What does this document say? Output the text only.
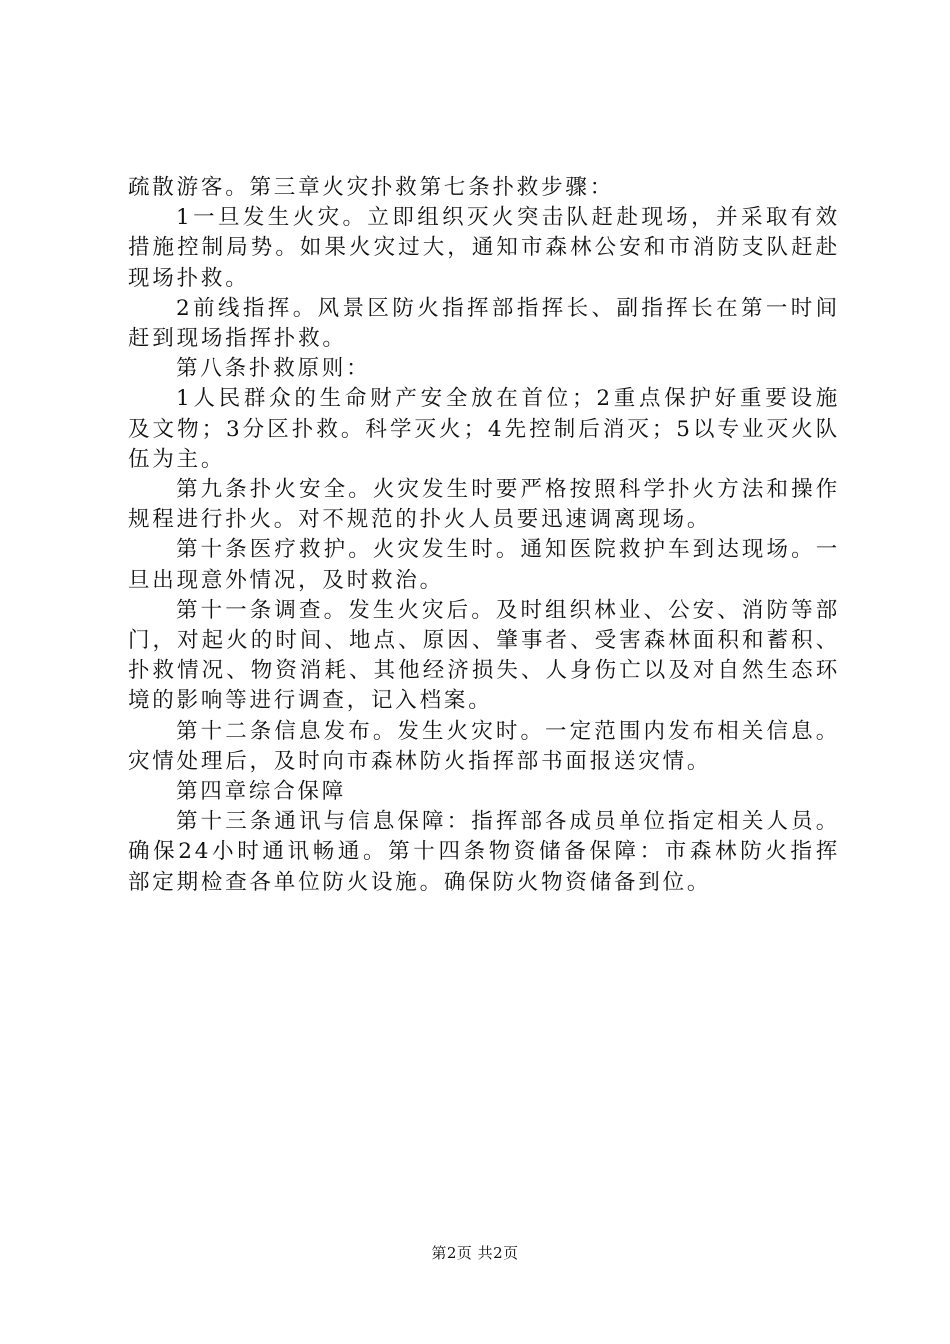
疏散游客。第三章火灾扑救第七条扑救步骤：

1一旦发生火灾。立即组织灭火突击队赶赴现场，并采取有效措施控制局势。如果火灾过大，通知市森林公安和市消防支队赶赴现场扑救。

2前线指挥。风景区防火指挥部指挥长、副指挥长在第一时间赶到现场指挥扑救。

第八条扑救原则：

1人民群众的生命财产安全放在首位；2重点保护好重要设施及文物；3分区扑救。科学灭火；4先控制后消灭；5以专业灭火队伍为主。

第九条扑火安全。火灾发生时要严格按照科学扑火方法和操作规程进行扑火。对不规范的扑火人员要迅速调离现场。

第十条医疗救护。火灾发生时。通知医院救护车到达现场。一旦出现意外情况，及时救治。

第十一条调查。发生火灾后。及时组织林业、公安、消防等部门，对起火的时间、地点、原因、肇事者、受害森林面积和蓄积、扑救情况、物资消耗、其他经济损失、人身伤亡以及对自然生态环境的影响等进行调查，记入档案。

第十二条信息发布。发生火灾时。一定范围内发布相关信息。灾情处理后，及时向市森林防火指挥部书面报送灾情。

第四章综合保障

第十三条通讯与信息保障：指挥部各成员单位指定相关人员。确保24小时通讯畅通。第十四条物资储备保障：市森林防火指挥部定期检查各单位防火设施。确保防火物资储备到位。

第2页 共2页
